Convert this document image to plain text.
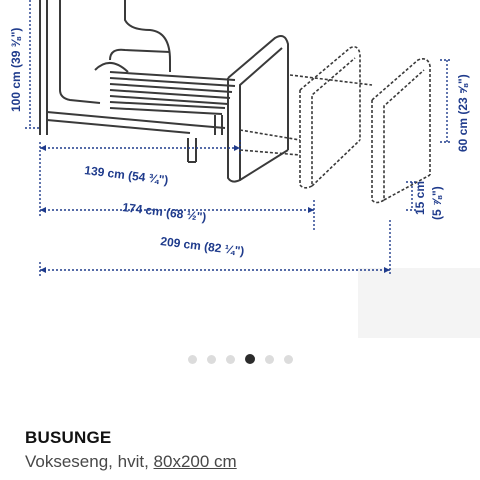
100 cm (39 ⅜")
60 cm (23 ⅝")
15 cm (5 ⅞")
139 cm (54 ¾")
174 cm (68 ½")
209 cm (82 ¼")
BUSUNGE

Vokseseng, hvit, 80x200 cm
